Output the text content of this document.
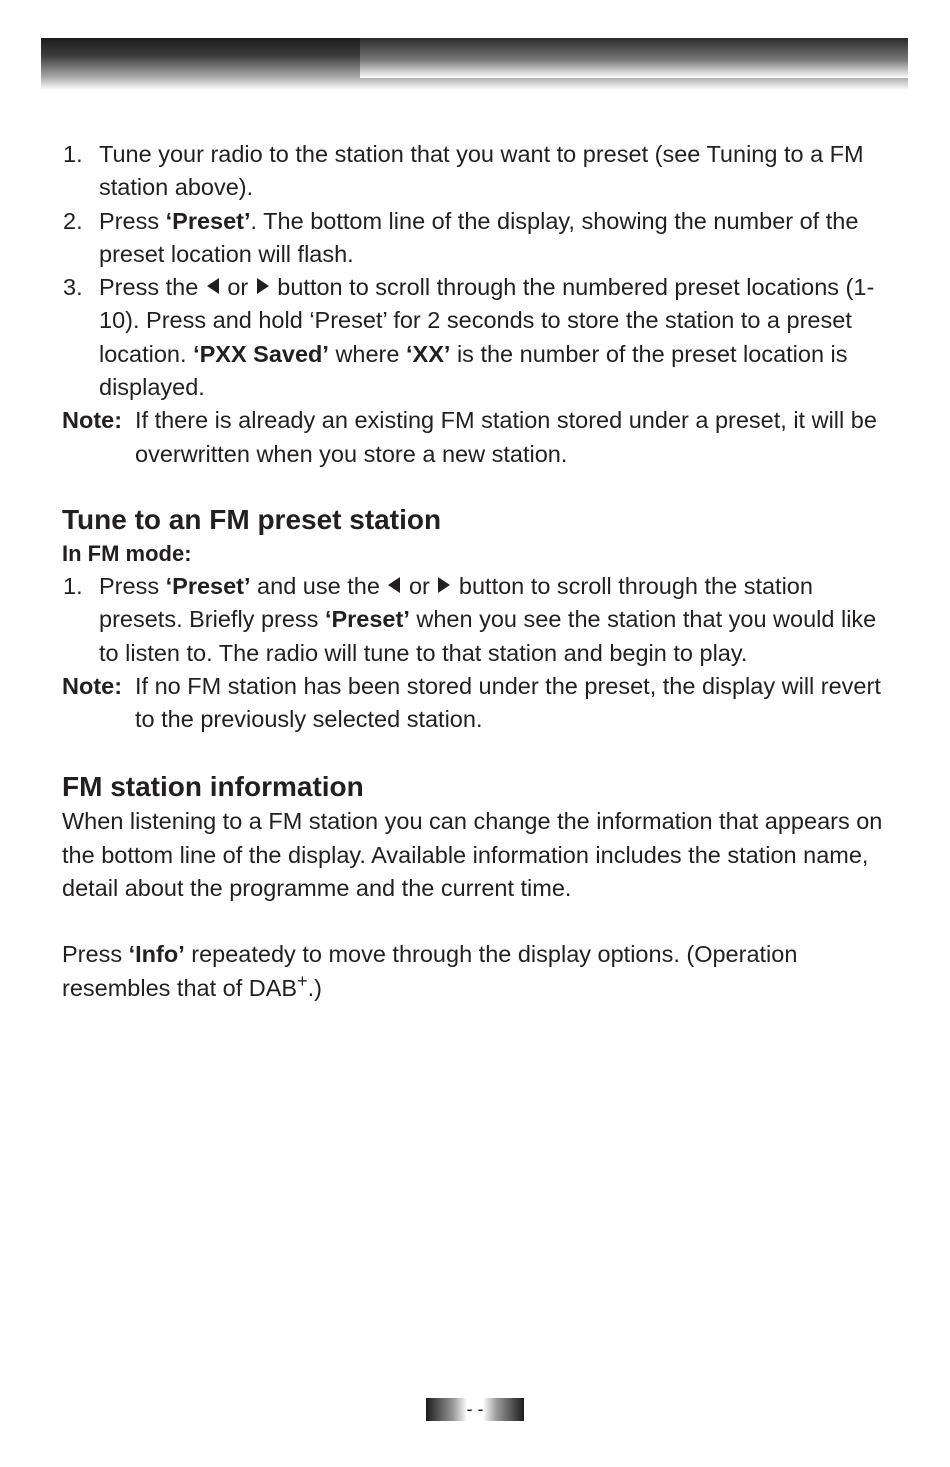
1. Tune your radio to the station that you want to preset (see Tuning to a FM station above).
2. Press ‘Preset’. The bottom line of the display, showing the number of the preset location will flash.
3. Press the  or  button to scroll through the numbered preset locations (1-10). Press and hold ‘Preset’ for 2 seconds to store the station to a preset location. ‘PXX Saved’ where ‘XX’ is the number of the preset location is displayed.
Note: If there is already an existing FM station stored under a preset, it will be overwritten when you store a new station.
Tune to an FM preset station
In FM mode:
1. Press ‘Preset’ and use the  or  button to scroll through the station presets. Briefly press ‘Preset’ when you see the station that you would like to listen to. The radio will tune to that station and begin to play.
Note: If no FM station has been stored under the preset, the display will revert to the previously selected station.
FM station information
When listening to a FM station you can change the information that appears on the bottom line of the display. Available information includes the station name, detail about the programme and the current time.
Press ‘Info’ repeatedy to move through the display options. (Operation resembles that of DAB+.)
- -
